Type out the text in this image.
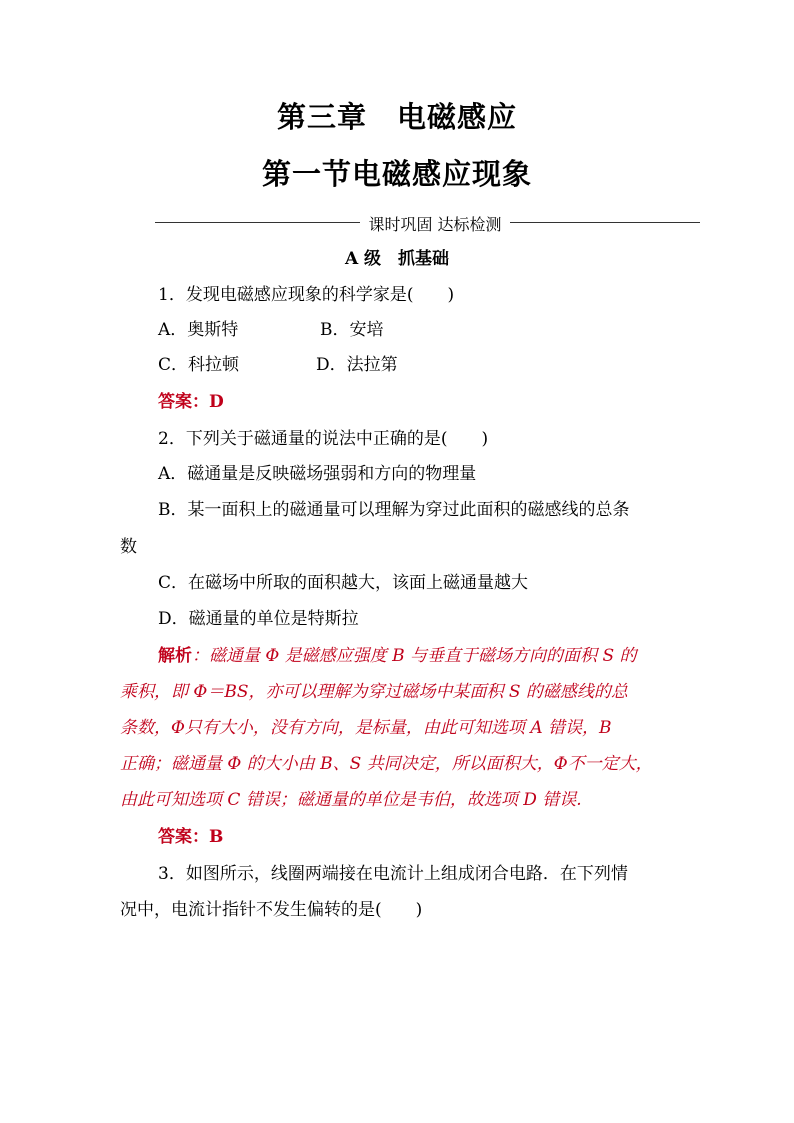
第三章　电磁感应
第一节电磁感应现象
课时巩固 达标检测
A 级　抓基础
1．发现电磁感应现象的科学家是(　　)
A．奥斯特	B．安培
C．科拉顿	D．法拉第
答案：D
2．下列关于磁通量的说法中正确的是(　　)
A．磁通量是反映磁场强弱和方向的物理量
B．某一面积上的磁通量可以理解为穿过此面积的磁感线的总条
数
C．在磁场中所取的面积越大，该面上磁通量越大
D．磁通量的单位是特斯拉
解析：磁通量 Φ 是磁感应强度 B 与垂直于磁场方向的面积 S 的
乘积，即 Φ＝BS，亦可以理解为穿过磁场中某面积 S 的磁感线的总
条数，Φ只有大小，没有方向，是标量，由此可知选项 A 错误，B
正确；磁通量 Φ 的大小由 B、S 共同决定，所以面积大，Φ不一定大，
由此可知选项 C 错误；磁通量的单位是韦伯，故选项 D 错误.
答案：B
3．如图所示，线圈两端接在电流计上组成闭合电路．在下列情
况中，电流计指针不发生偏转的是(　　)
